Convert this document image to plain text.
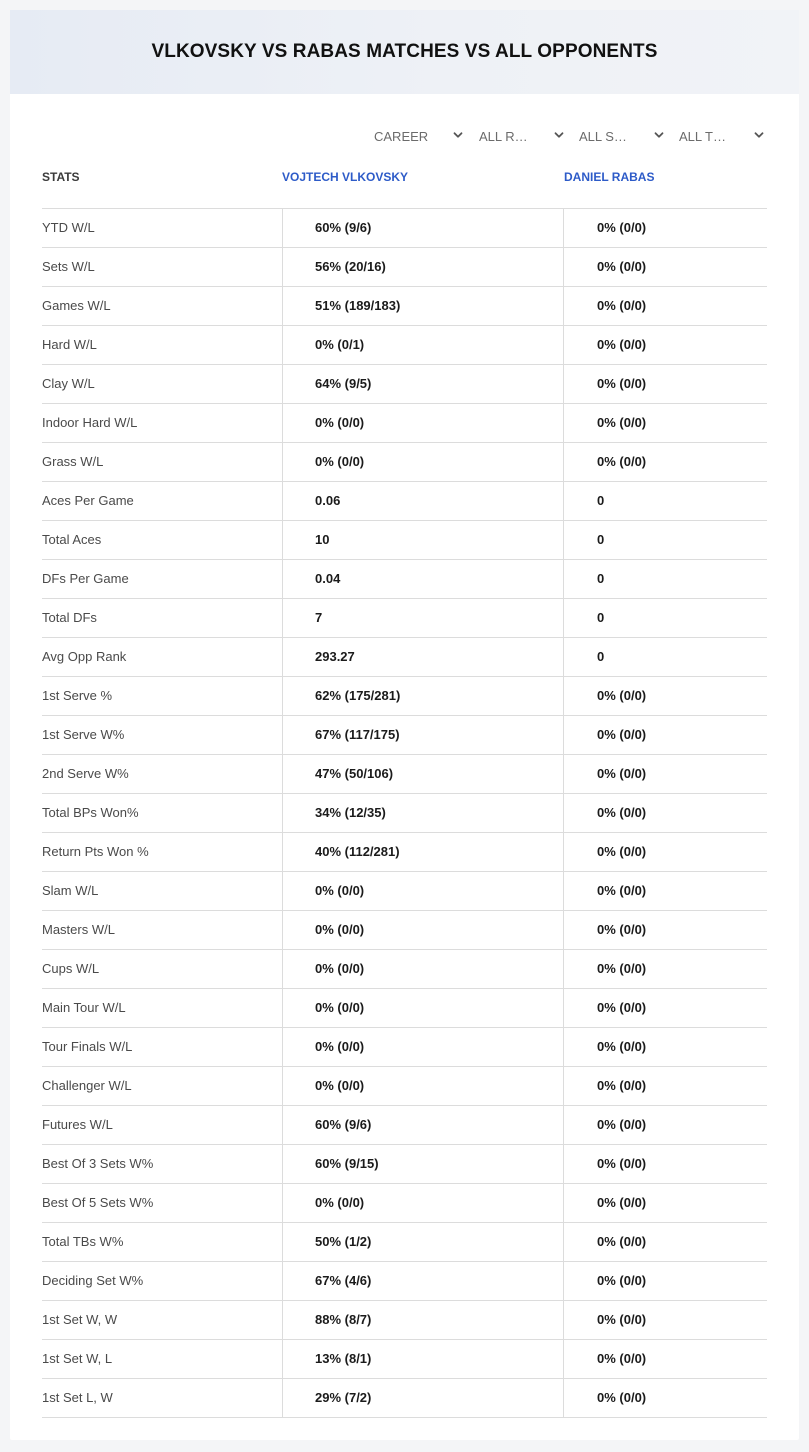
VLKOVSKY VS RABAS MATCHES VS ALL OPPONENTS
CAREER	ALL R…	ALL S…	ALL T…
STATS	VOJTECH VLKOVSKY	DANIEL RABAS
YTD W/L	60% (9/6)	0% (0/0)
Sets W/L	56% (20/16)	0% (0/0)
Games W/L	51% (189/183)	0% (0/0)
Hard W/L	0% (0/1)	0% (0/0)
Clay W/L	64% (9/5)	0% (0/0)
Indoor Hard W/L	0% (0/0)	0% (0/0)
Grass W/L	0% (0/0)	0% (0/0)
Aces Per Game	0.06	0
Total Aces	10	0
DFs Per Game	0.04	0
Total DFs	7	0
Avg Opp Rank	293.27	0
1st Serve %	62% (175/281)	0% (0/0)
1st Serve W%	67% (117/175)	0% (0/0)
2nd Serve W%	47% (50/106)	0% (0/0)
Total BPs Won%	34% (12/35)	0% (0/0)
Return Pts Won %	40% (112/281)	0% (0/0)
Slam W/L	0% (0/0)	0% (0/0)
Masters W/L	0% (0/0)	0% (0/0)
Cups W/L	0% (0/0)	0% (0/0)
Main Tour W/L	0% (0/0)	0% (0/0)
Tour Finals W/L	0% (0/0)	0% (0/0)
Challenger W/L	0% (0/0)	0% (0/0)
Futures W/L	60% (9/6)	0% (0/0)
Best Of 3 Sets W%	60% (9/15)	0% (0/0)
Best Of 5 Sets W%	0% (0/0)	0% (0/0)
Total TBs W%	50% (1/2)	0% (0/0)
Deciding Set W%	67% (4/6)	0% (0/0)
1st Set W, W	88% (8/7)	0% (0/0)
1st Set W, L	13% (8/1)	0% (0/0)
1st Set L, W	29% (7/2)	0% (0/0)
